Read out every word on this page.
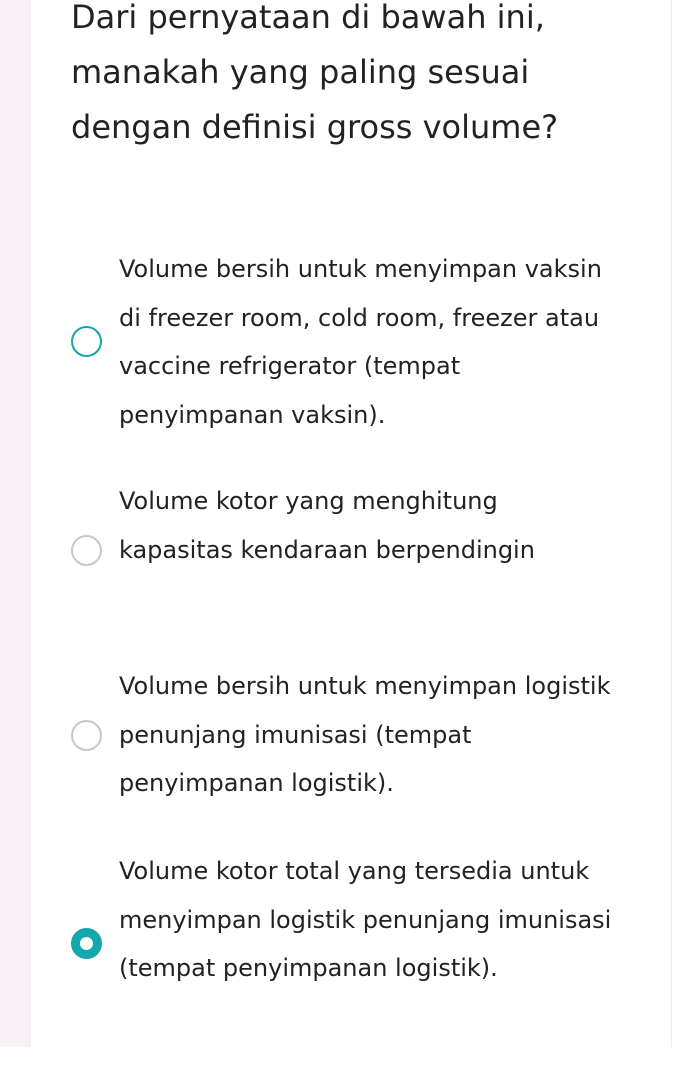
Dari pernyataan di bawah ini, manakah yang paling sesuai dengan definisi gross volume?
Volume bersih untuk menyimpan vaksin di freezer room, cold room, freezer atau vaccine refrigerator (tempat penyimpanan vaksin).
Volume kotor yang menghitung kapasitas kendaraan berpendingin
Volume bersih untuk menyimpan logistik penunjang imunisasi (tempat penyimpanan logistik).
Volume kotor total yang tersedia untuk menyimpan logistik penunjang imunisasi (tempat penyimpanan logistik).
